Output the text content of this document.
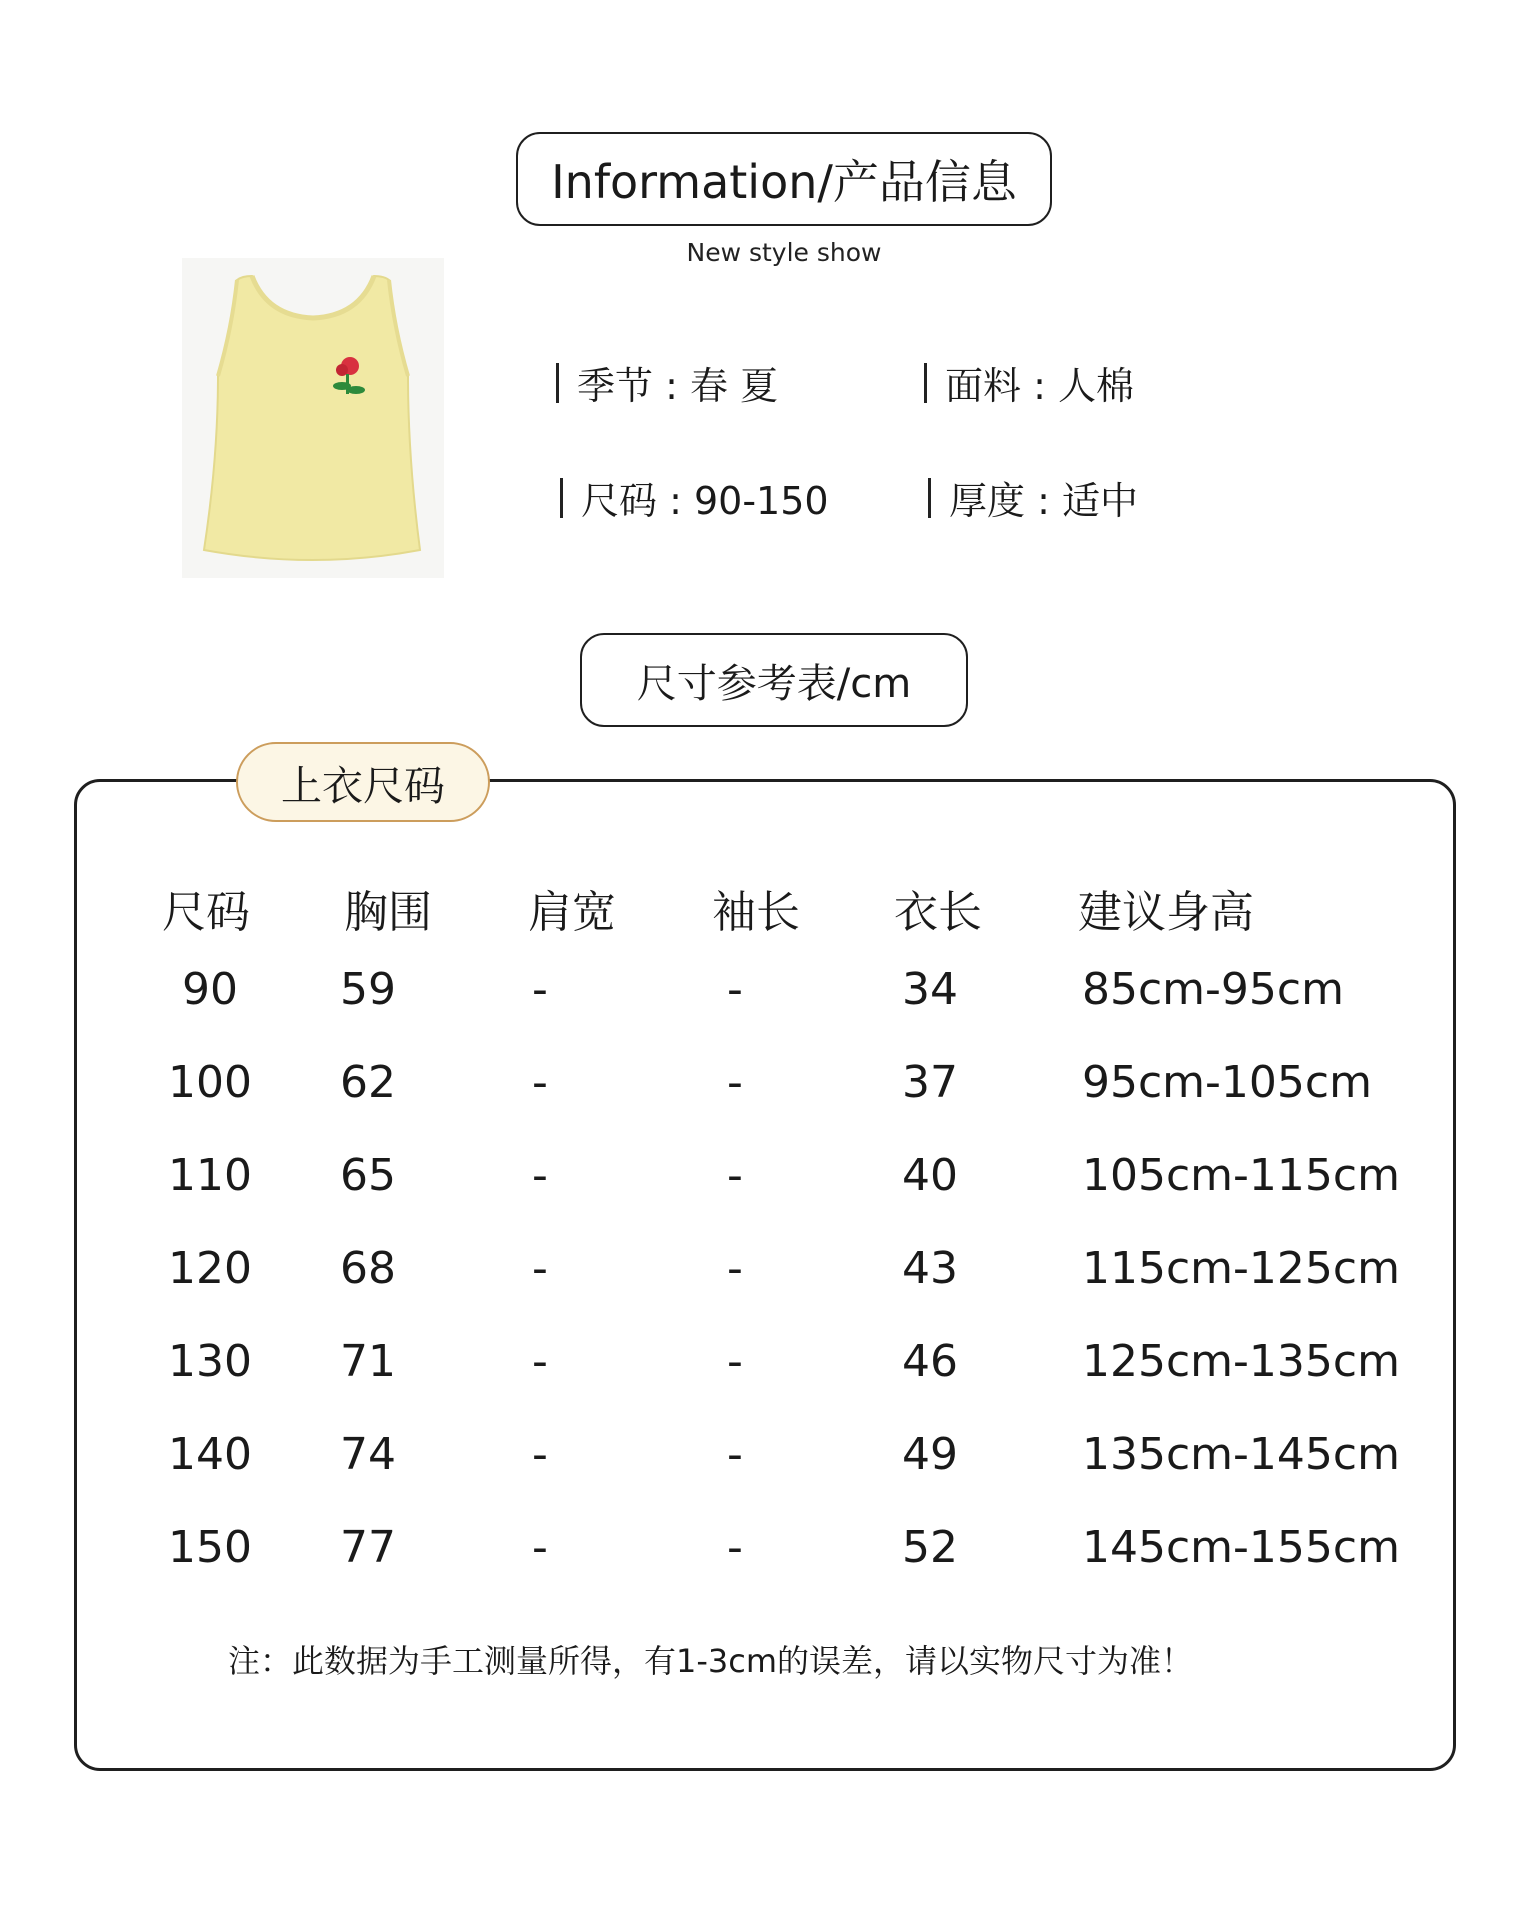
Information/产品信息
New style show
季节 : 春 夏	面料 : 人棉
尺码 : 90-150	厚度 : 适中
尺寸参考表/cm
上衣尺码
尺码 胸围 肩宽 袖长 衣长 建议身高
90	59	-	-	34	85cm-95cm
100	62	-	-	37	95cm-105cm
110	65	-	-	40	105cm-115cm
120	68	-	-	43	115cm-125cm
130	71	-	-	46	125cm-135cm
140	74	-	-	49	135cm-145cm
150	77	-	-	52	145cm-155cm
注：此数据为手工测量所得，有1-3cm的误差，请以实物尺寸为准！
